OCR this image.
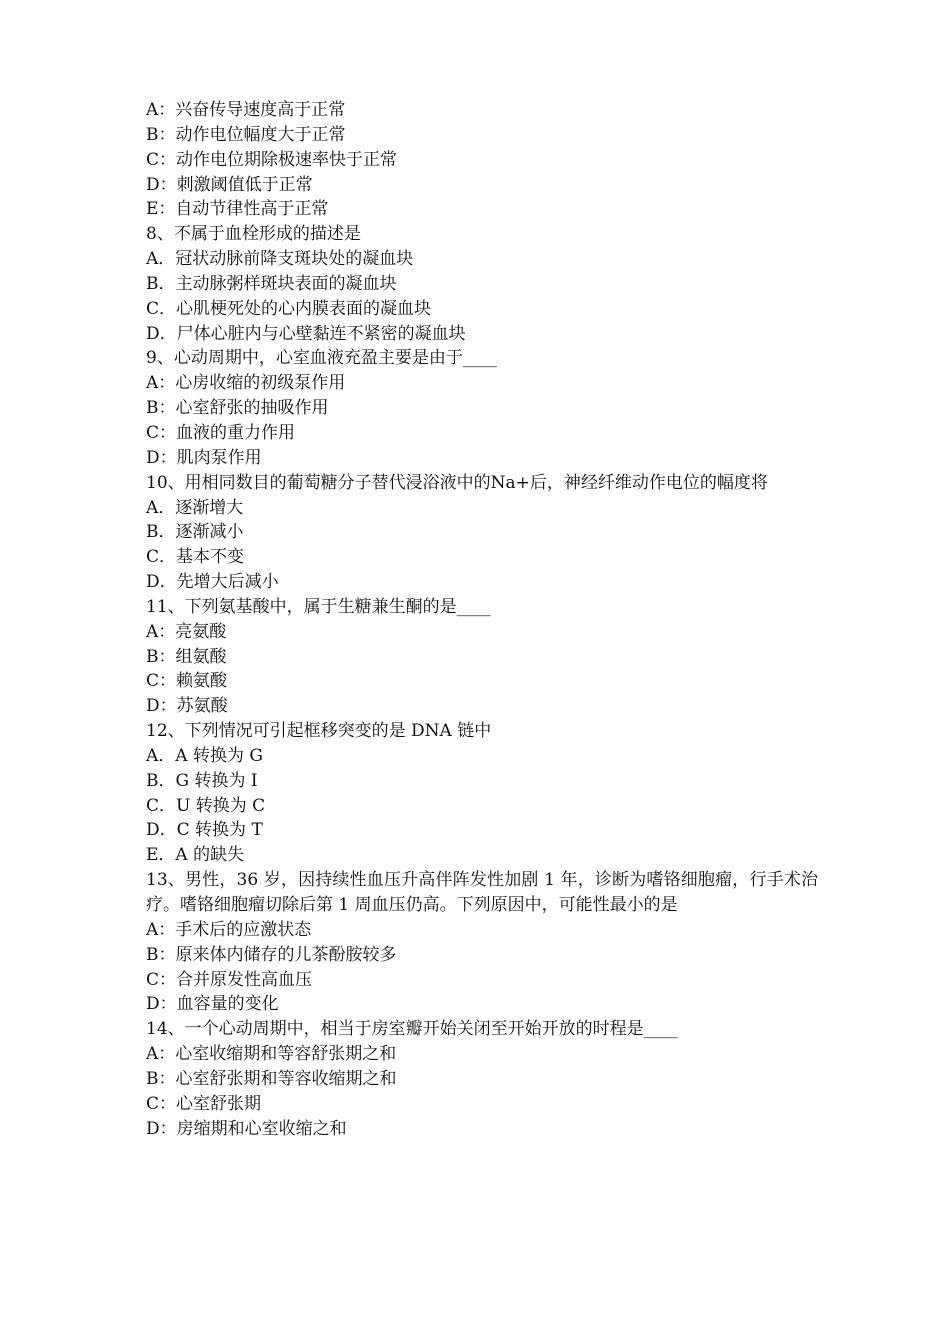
A：兴奋传导速度高于正常
B：动作电位幅度大于正常
C：动作电位期除极速率快于正常
D：刺激阈值低于正常
E：自动节律性高于正常
8、不属于血栓形成的描述是
A．冠状动脉前降支斑块处的凝血块
B．主动脉粥样斑块表面的凝血块
C．心肌梗死处的心内膜表面的凝血块
D．尸体心脏内与心壁黏连不紧密的凝血块
9、心动周期中，心室血液充盈主要是由于____
A：心房收缩的初级泵作用
B：心室舒张的抽吸作用
C：血液的重力作用
D：肌肉泵作用
10、用相同数目的葡萄糖分子替代浸浴液中的Na+后，神经纤维动作电位的幅度将
A．逐渐增大
B．逐渐减小
C．基本不变
D．先增大后减小
11、下列氨基酸中，属于生糖兼生酮的是____
A：亮氨酸
B：组氨酸
C：赖氨酸
D：苏氨酸
12、下列情况可引起框移突变的是 DNA 链中
A．A 转换为 G
B．G 转换为 I
C．U 转换为 C
D．C 转换为 T
E．A 的缺失
13、男性，36 岁，因持续性血压升高伴阵发性加剧 1 年，诊断为嗜铬细胞瘤，行手术治疗。嗜铬细胞瘤切除后第 1 周血压仍高。下列原因中，可能性最小的是
A：手术后的应激状态
B：原来体内储存的儿茶酚胺较多
C：合并原发性高血压
D：血容量的变化
14、一个心动周期中，相当于房室瓣开始关闭至开始开放的时程是____
A：心室收缩期和等容舒张期之和
B：心室舒张期和等容收缩期之和
C：心室舒张期
D：房缩期和心室收缩之和
